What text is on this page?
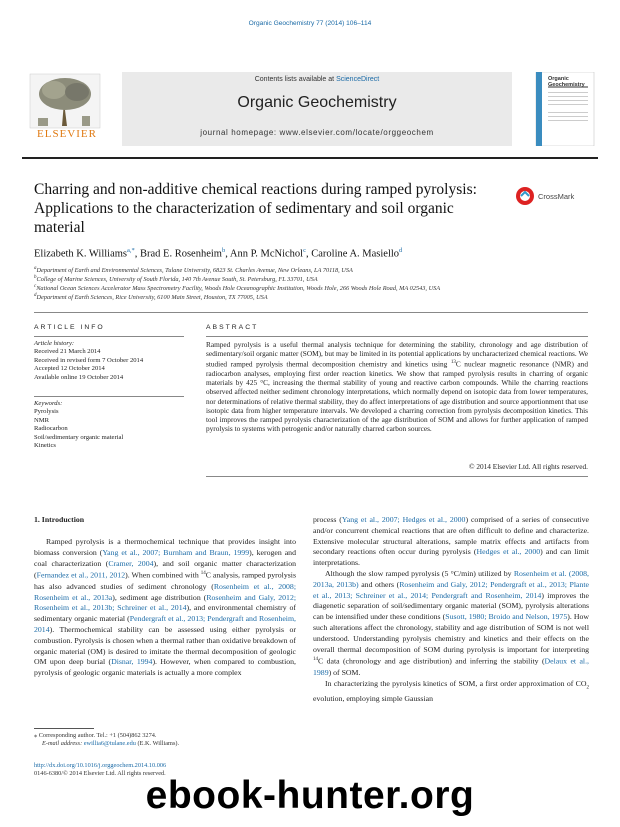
Organic Geochemistry 77 (2014) 106–114
ELSEVIER
Contents lists available at ScienceDirect
Organic Geochemistry
journal homepage: www.elsevier.com/locate/orggeochem
Organic Geochemistry
Charring and non-additive chemical reactions during ramped pyrolysis: Applications to the characterization of sedimentary and soil organic material
CrossMark
Elizabeth K. Williams$^{a,*}$, Brad E. Rosenheim$^b$, Ann P. McNichol$^c$, Caroline A. Masiello$^d$
$^a$Department of Earth and Environmental Sciences, Tulane University, 6823 St. Charles Avenue, New Orleans, LA 70118, USA
$^b$College of Marine Sciences, University of South Florida, 140 7th Avenue South, St. Petersburg, FL 33701, USA
$^c$National Ocean Sciences Accelerator Mass Spectrometry Facility, Woods Hole Oceanographic Institution, Woods Hole, 266 Woods Hole Road, MA 02543, USA
$^d$Department of Earth Sciences, Rice University, 6100 Main Street, Houston, TX 77005, USA
ARTICLE INFO
Article history:
Received 21 March 2014
Received in revised form 7 October 2014
Accepted 12 October 2014
Available online 19 October 2014
Keywords:
Pyrolysis
NMR
Radiocarbon
Soil/sedimentary organic material
Kinetics
ABSTRACT
Ramped pyrolysis is a useful thermal analysis technique for determining the stability, chronology and age distribution of sedimentary/soil organic matter (SOM), but may be limited in its potential applications by uncharacterized chemical reactions. We studied ramped pyrolysis thermal decomposition chemistry and kinetics using $^{13}$C nuclear magnetic resonance (NMR) and radiocarbon analyses, employing first order reaction kinetics. We show that ramped pyrolysis results in charring of organic materials by 425 °C, increasing the thermal stability of young and reactive carbon compounds. While the charring reactions observed affected neither sediment chronology interpretations, which normally depend on isotopic data from lower temperatures, nor determinations of relative thermal stability, they do affect interpretations of age distribution and source apportionment that use isotopic data from higher temperature intervals. We developed a charring correction from pyrolysis decomposition kinetics. This tool improves the ramped pyrolysis characterization of the age distribution of SOM and allows for further application of ramped pyrolysis to systems with petrogenic and/or naturally charred carbon sources.
© 2014 Elsevier Ltd. All rights reserved.
1. Introduction

Ramped pyrolysis is a thermochemical technique that provides insight into biomass conversion (Yang et al., 2007; Burnham and Braun, 1999), kerogen and coal characterization (Cramer, 2004), and soil organic matter characterization (Fernandez et al., 2011, 2012). When combined with $^{14}$C analysis, ramped pyrolysis has also advanced studies of sediment chronology (Rosenheim et al., 2008; Rosenheim et al., 2013a), sediment age distribution (Rosenheim and Galy, 2012; Rosenheim et al., 2013b; Schreiner et al., 2014), and environmental chemistry of sedimentary organic material (Pendergraft et al., 2013; Pendergraft and Rosenheim, 2014). Thermochemical stability can be assessed using either pyrolysis or combustion. Pyrolysis is chosen when a thermal rather than oxidative breakdown of organic material (OM) is desired to imitate the thermal decomposition of geologic OM upon deep burial (Disnar, 1994). However, when compared to combustion, pyrolysis of geologic organic materials is actually a more complex

process (Yang et al., 2007; Hedges et al., 2000) comprised of a series of consecutive and/or concurrent chemical reactions that are often difficult to define and characterize. Extensive molecular structural alterations, sample matrix effects and artifacts from secondary reactions often occur during pyrolysis (Hedges et al., 2000) and can limit interpretations.

Although the slow ramped pyrolysis (5 °C/min) utilized by Rosenheim et al. (2008, 2013a, 2013b) and others (Rosenheim and Galy, 2012; Pendergraft et al., 2013; Plante et al., 2013; Schreiner et al., 2014; Pendergraft and Rosenheim, 2014) improves the diagenetic separation of soil/sedimentary organic material (SOM), pyrolysis alterations can be intensified under these conditions (Susott, 1980; Broido and Nelson, 1975). How such alterations affect the chronology, stability and age distribution of SOM is not well understood. Understanding pyrolysis chemistry and kinetics and their effects on the overall thermal decomposition of SOM during pyrolysis is important for interpreting $^{14}$C data (chronology and age distribution) and inferring the stability (Delaux et al., 1989) of SOM.

In characterizing the pyrolysis kinetics of SOM, a first order approximation of $CO_2$ evolution, employing simple Gaussian

⁎ Corresponding author. Tel.: +1 (504)862 3274.
E-mail address: ewillia6@tulane.edu (E.K. Williams).
http://dx.doi.org/10.1016/j.orggeochem.2014.10.006
0146-6380/© 2014 Elsevier Ltd. All rights reserved.
ebook-hunter.org
